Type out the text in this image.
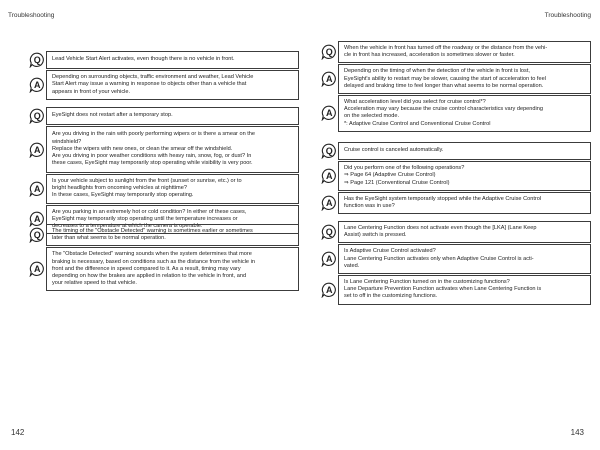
Troubleshooting	Troubleshooting
Q Lead Vehicle Start Alert activates, even though there is no vehicle in front.
A
Depending on surrounding objects, traffic environment and weather, Lead Vehicle
Start Alert may issue a warning in response to objects other than a vehicle that
appears in front of your vehicle.
Q EyeSight does not restart after a temporary stop.
A
Are you driving in the rain with poorly performing wipers or is there a smear on the
windshield?
Replace the wipers with new ones, or clean the smear off the windshield.
Are you driving in poor weather conditions with heavy rain, snow, fog, or dust? In
these cases, EyeSight may temporarily stop operating while visibility is very poor.
A
Is your vehicle subject to sunlight from the front (sunset or sunrise, etc.) or to
bright headlights from oncoming vehicles at nighttime?
In these cases, EyeSight may temporarily stop operating.
A
Are you parking in an extremely hot or cold condition? In either of these cases,
EyeSight may temporarily stop operating until the temperature increases or
decreases to a temperature at which the camera is operable.
Q The timing of the "Obstacle Detected" warning is sometimes earlier or sometimes
later than what seems to be normal operation.
A
The "Obstacle Detected" warning sounds when the system determines that more
braking is necessary, based on conditions such as the distance from the vehicle in
front and the difference in speed compared to it. As a result, timing may vary
depending on how the brakes are applied in relation to the vehicle in front, and
your relative speed to that vehicle.
Q When the vehicle in front has turned off the roadway or the distance from the vehi-
cle in front has increased, acceleration is sometimes slower or faster.
A
Depending on the timing of when the detection of the vehicle in front is lost,
EyeSight's ability to restart may be slower, causing the start of acceleration to feel
delayed and braking time to feel longer than what seems to be normal operation.
A
What acceleration level did you select for cruise control*?
Acceleration may vary because the cruise control characteristics vary depending
on the selected mode.
*: Adaptive Cruise Control and Conventional Cruise Control
Q Cruise control is canceled automatically.
A
Did you perform one of the following operations?
⇒ Page 64 (Adaptive Cruise Control)
⇒ Page 121 (Conventional Cruise Control)
A Has the EyeSight system temporarily stopped while the Adaptive Cruise Control
function was in use?
Q Lane Centering Function does not activate even though the [LKA] (Lane Keep
Assist) switch is pressed.
A
Is Adaptive Cruise Control activated?
Lane Centering Function activates only when Adaptive Cruise Control is acti-
vated.
A
Is Lane Centering Function turned on in the customizing functions?
Lane Departure Prevention Function activates when Lane Centering Function is
set to off in the customizing functions.
142	143
